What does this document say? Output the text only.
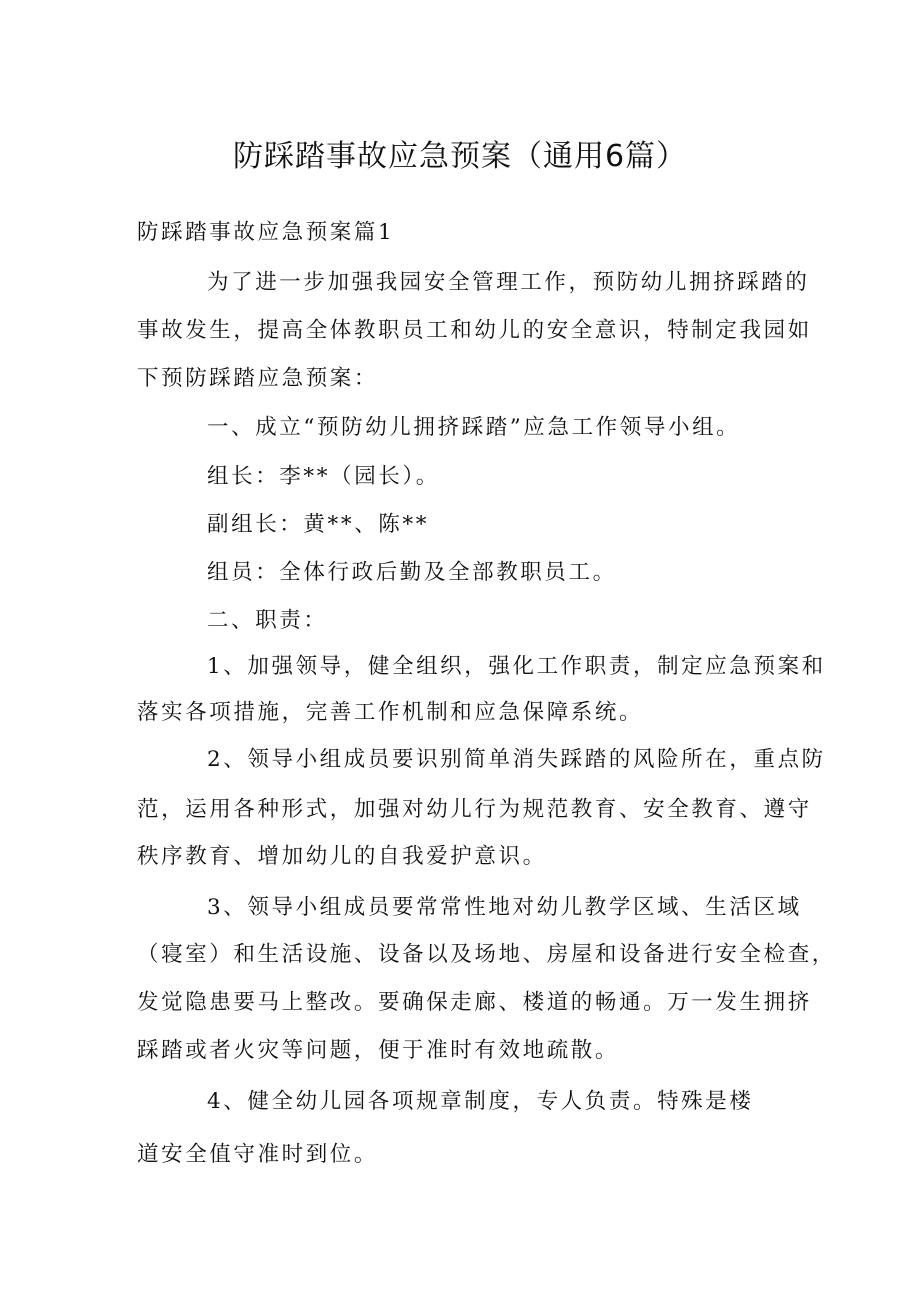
防踩踏事故应急预案（通用6篇）
防踩踏事故应急预案篇1
为了进一步加强我园安全管理工作，预防幼儿拥挤踩踏的
事故发生，提高全体教职员工和幼儿的安全意识，特制定我园如
下预防踩踏应急预案：
一、成立“预防幼儿拥挤踩踏”应急工作领导小组。
组长：李**（园长）。
副组长：黄**、陈**
组员：全体行政后勤及全部教职员工。
二、职责：
1、加强领导，健全组织，强化工作职责，制定应急预案和
落实各项措施，完善工作机制和应急保障系统。
2、领导小组成员要识别简单消失踩踏的风险所在，重点防
范，运用各种形式，加强对幼儿行为规范教育、安全教育、遵守
秩序教育、增加幼儿的自我爱护意识。
3、领导小组成员要常常性地对幼儿教学区域、生活区域
（寝室）和生活设施、设备以及场地、房屋和设备进行安全检查，
发觉隐患要马上整改。要确保走廊、楼道的畅通。万一发生拥挤
踩踏或者火灾等问题，便于准时有效地疏散。
4、健全幼儿园各项规章制度，专人负责。特殊是楼
道安全值守准时到位。
